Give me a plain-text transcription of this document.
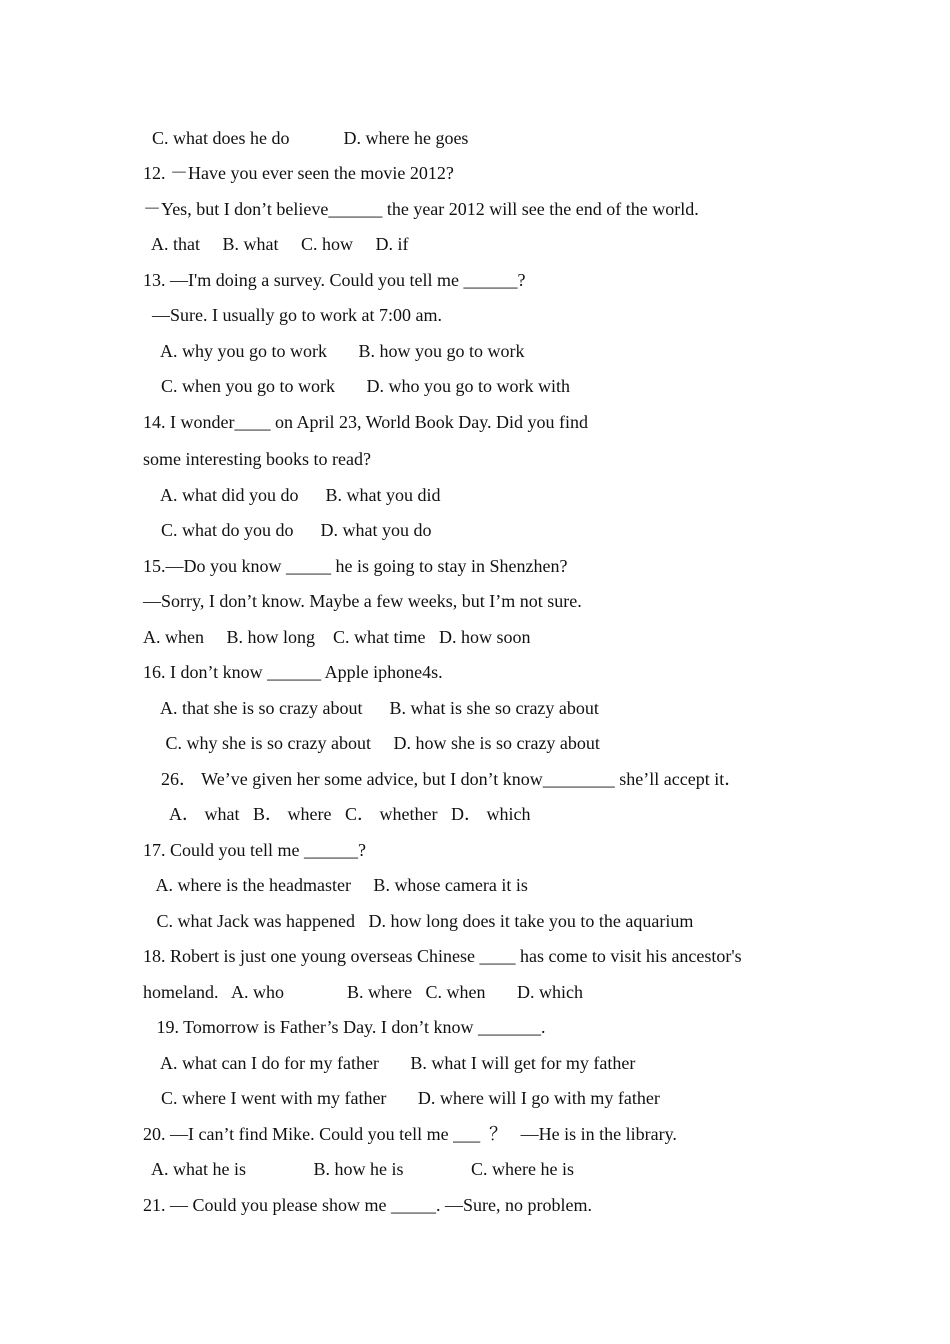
C. what does he do            D. where he goes
12. －Have you ever seen the movie 2012?
－Yes, but I don’t believe______ the year 2012 will see the end of the world.
A. that     B. what     C. how     D. if
13. —I'm doing a survey. Could you tell me ______?
—Sure. I usually go to work at 7:00 am.
A. why you go to work       B. how you go to work
C. when you go to work       D. who you go to work with
14. I wonder____ on April 23, World Book Day. Did you find
some interesting books to read?
A. what did you do      B. what you did
C. what do you do      D. what you do
15.—Do you know _____ he is going to stay in Shenzhen?
—Sorry, I don’t know. Maybe a few weeks, but I’m not sure.
A. when     B. how long    C. what time   D. how soon
16. I don’t know ______ Apple iphone4s.
A. that she is so crazy about      B. what is she so crazy about
C. why she is so crazy about     D. how she is so crazy about
26． We’ve given her some advice, but I don’t know________ she’ll accept it．
A． what   B． where   C． whether   D． which
17. Could you tell me ______?
A. where is the headmaster     B. whose camera it is
C. what Jack was happened   D. how long does it take you to the aquarium
18. Robert is just one young overseas Chinese ____ has come to visit his ancestor's
homeland.   A. who              B. where   C. when       D. which
19. Tomorrow is Father’s Day. I don’t know _______.
A. what can I do for my father       B. what I will get for my father
C. where I went with my father       D. where will I go with my father
20. —I can’t find Mike. Could you tell me ___  ？   —He is in the library.
A. what he is               B. how he is               C. where he is
21. — Could you please show me _____. —Sure, no problem.
